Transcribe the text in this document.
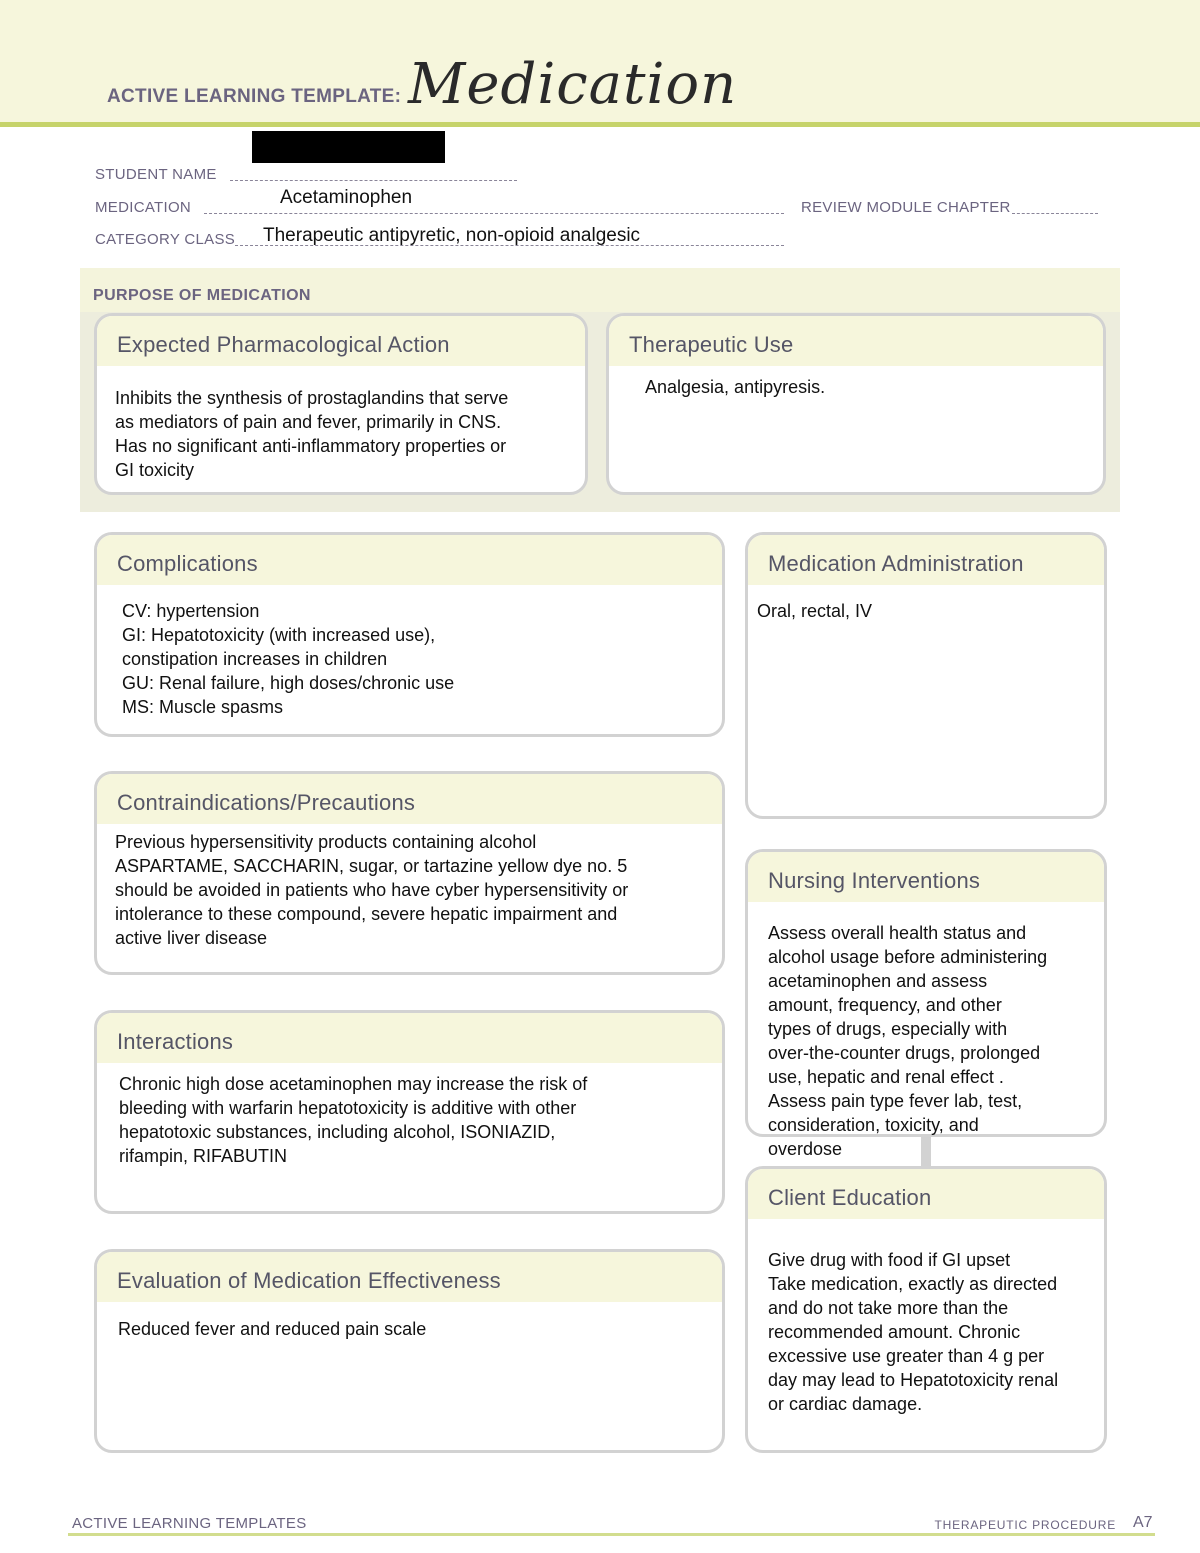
ACTIVE LEARNING TEMPLATE: Medication
STUDENT NAME
MEDICATION	Acetaminophen	REVIEW MODULE CHAPTER
CATEGORY CLASS Therapeutic antipyretic, non-opioid analgesic
PURPOSE OF MEDICATION
Expected Pharmacological Action
Inhibits the synthesis of prostaglandins that serve
as mediators of pain and fever, primarily in CNS.
Has no significant anti-inflammatory properties or
GI toxicity
Therapeutic Use
Analgesia, antipyresis.
Complications
CV: hypertension
GI: Hepatotoxicity (with increased use),
constipation increases in children
GU: Renal failure, high doses/chronic use
MS: Muscle spasms
Contraindications/Precautions
Previous hypersensitivity products containing alcohol
ASPARTAME, SACCHARIN, sugar, or tartazine yellow dye no. 5
should be avoided in patients who have cyber hypersensitivity or
intolerance to these compound, severe hepatic impairment and
active liver disease
Interactions
Chronic high dose acetaminophen may increase the risk of
bleeding with warfarin hepatotoxicity is additive with other
hepatotoxic substances, including alcohol, ISONIAZID,
rifampin, RIFABUTIN
Evaluation of Medication Effectiveness
Reduced fever and reduced pain scale
Medication Administration
Oral, rectal, IV
Nursing Interventions
Assess overall health status and
alcohol usage before administering
acetaminophen and assess
amount, frequency, and other
types of drugs, especially with
over-the-counter drugs, prolonged
use, hepatic and renal effect .
Assess pain type fever lab, test,
consideration, toxicity, and
overdose
Client Education
Give drug with food if GI upset
Take medication, exactly as directed
and do not take more than the
recommended amount. Chronic
excessive use greater than 4 g per
day may lead to Hepatotoxicity renal
or cardiac damage.
ACTIVE LEARNING TEMPLATES	THERAPEUTIC PROCEDURE A7
